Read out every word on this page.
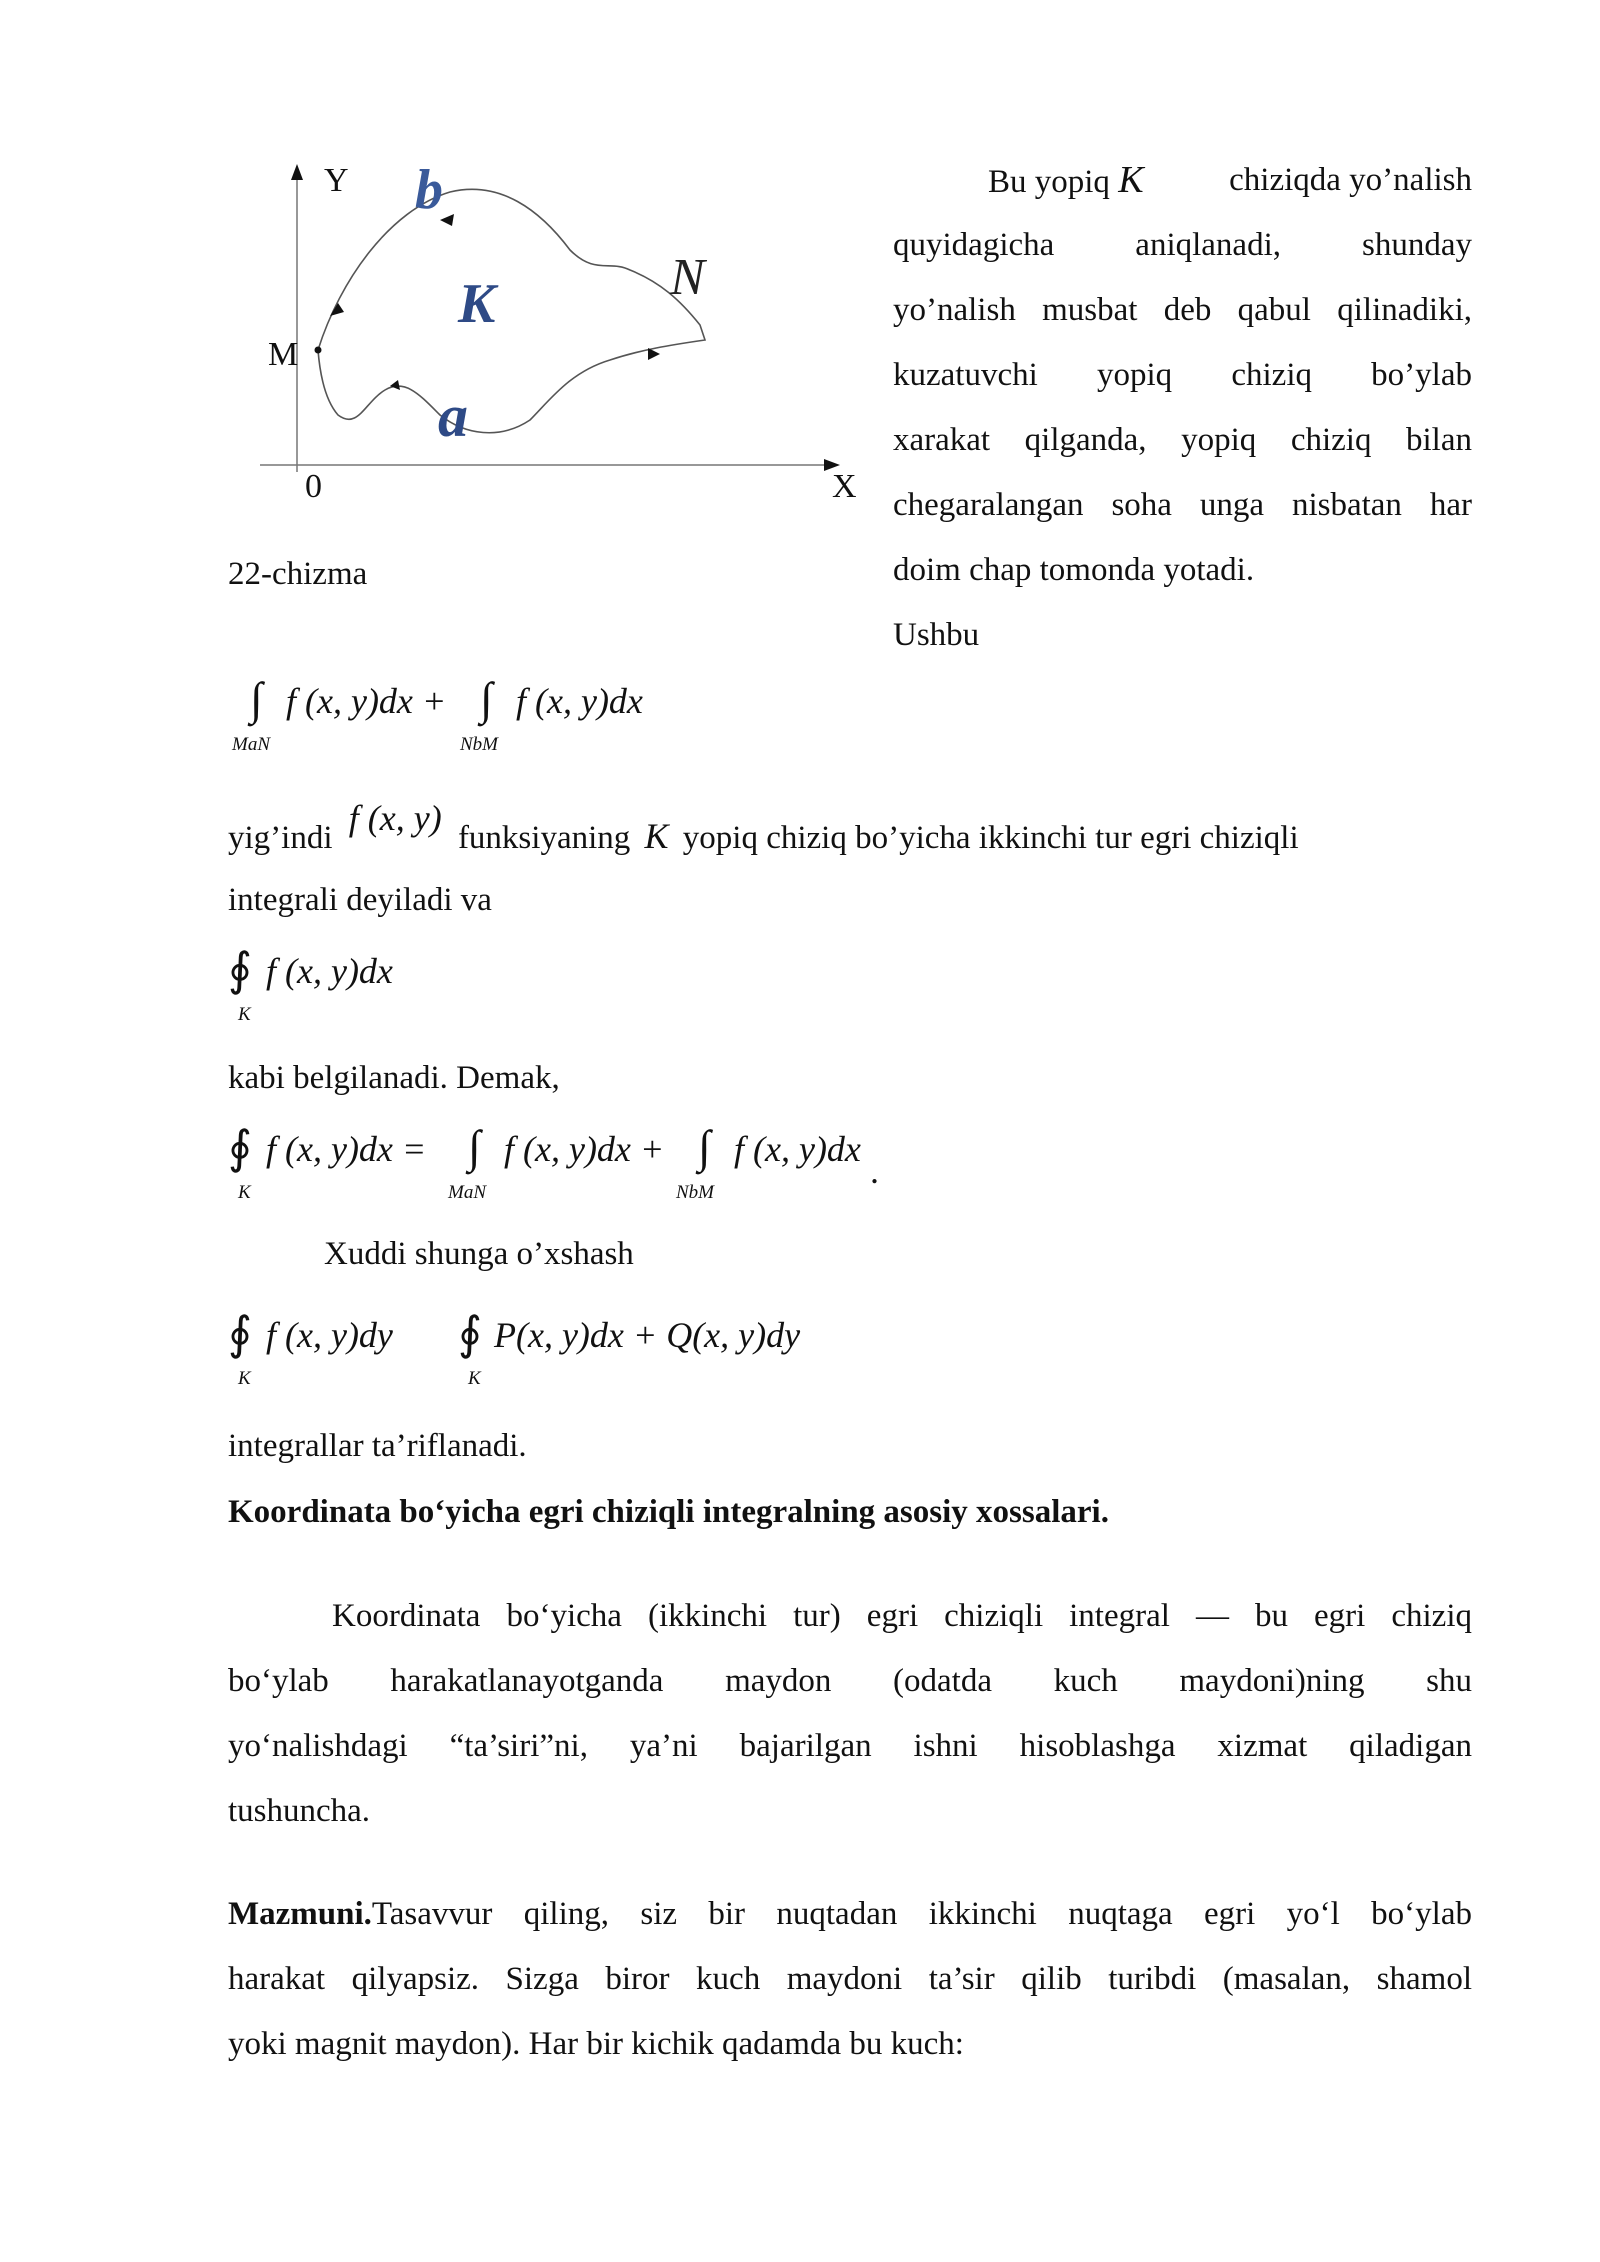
Y
X
0
M
b
N
K
a
22-chizma
Bu yopiq K	chiziqda yo’nalish
quyidagicha aniqlanadi, shunday
yo’nalish musbat deb qabul qilinadiki,
kuzatuvchi yopiq chiziq bo’ylab
xarakat qilganda, yopiq chiziq bilan
chegaralangan soha unga nisbatan har
doim chap tomonda yotadi.
Ushbu
∫ f (x, y)dx +
MaN
∫ f (x, y)dx
NbM
yig’indi f (x, y) funksiyaning K yopiq chiziq bo’yicha ikkinchi tur egri chiziqli
integrali deyiladi va
∮ f (x, y)dx
K
kabi belgilanadi. Demak,
∮ f (x, y)dx =
K
∫ f (x, y)dx +
MaN
∫ f (x, y)dx
NbM
.
Xuddi shunga o’xshash
∮ f (x, y)dy
K
∮ P(x, y)dx + Q(x, y)dy
K
integrallar ta’riflanadi.
Koordinata bo‘yicha egri chiziqli integralning asosiy xossalari.
Koordinata bo‘yicha (ikkinchi tur) egri chiziqli integral — bu egri chiziq
bo‘ylab harakatlanayotganda maydon (odatda kuch maydoni)ning shu
yo‘nalishdagi “ta’siri”ni, ya’ni bajarilgan ishni hisoblashga xizmat qiladigan
tushuncha.
Mazmuni.Tasavvur qiling, siz bir nuqtadan ikkinchi nuqtaga egri yo‘l bo‘ylab
harakat qilyapsiz. Sizga biror kuch maydoni ta’sir qilib turibdi (masalan, shamol
yoki magnit maydon). Har bir kichik qadamda bu kuch:
